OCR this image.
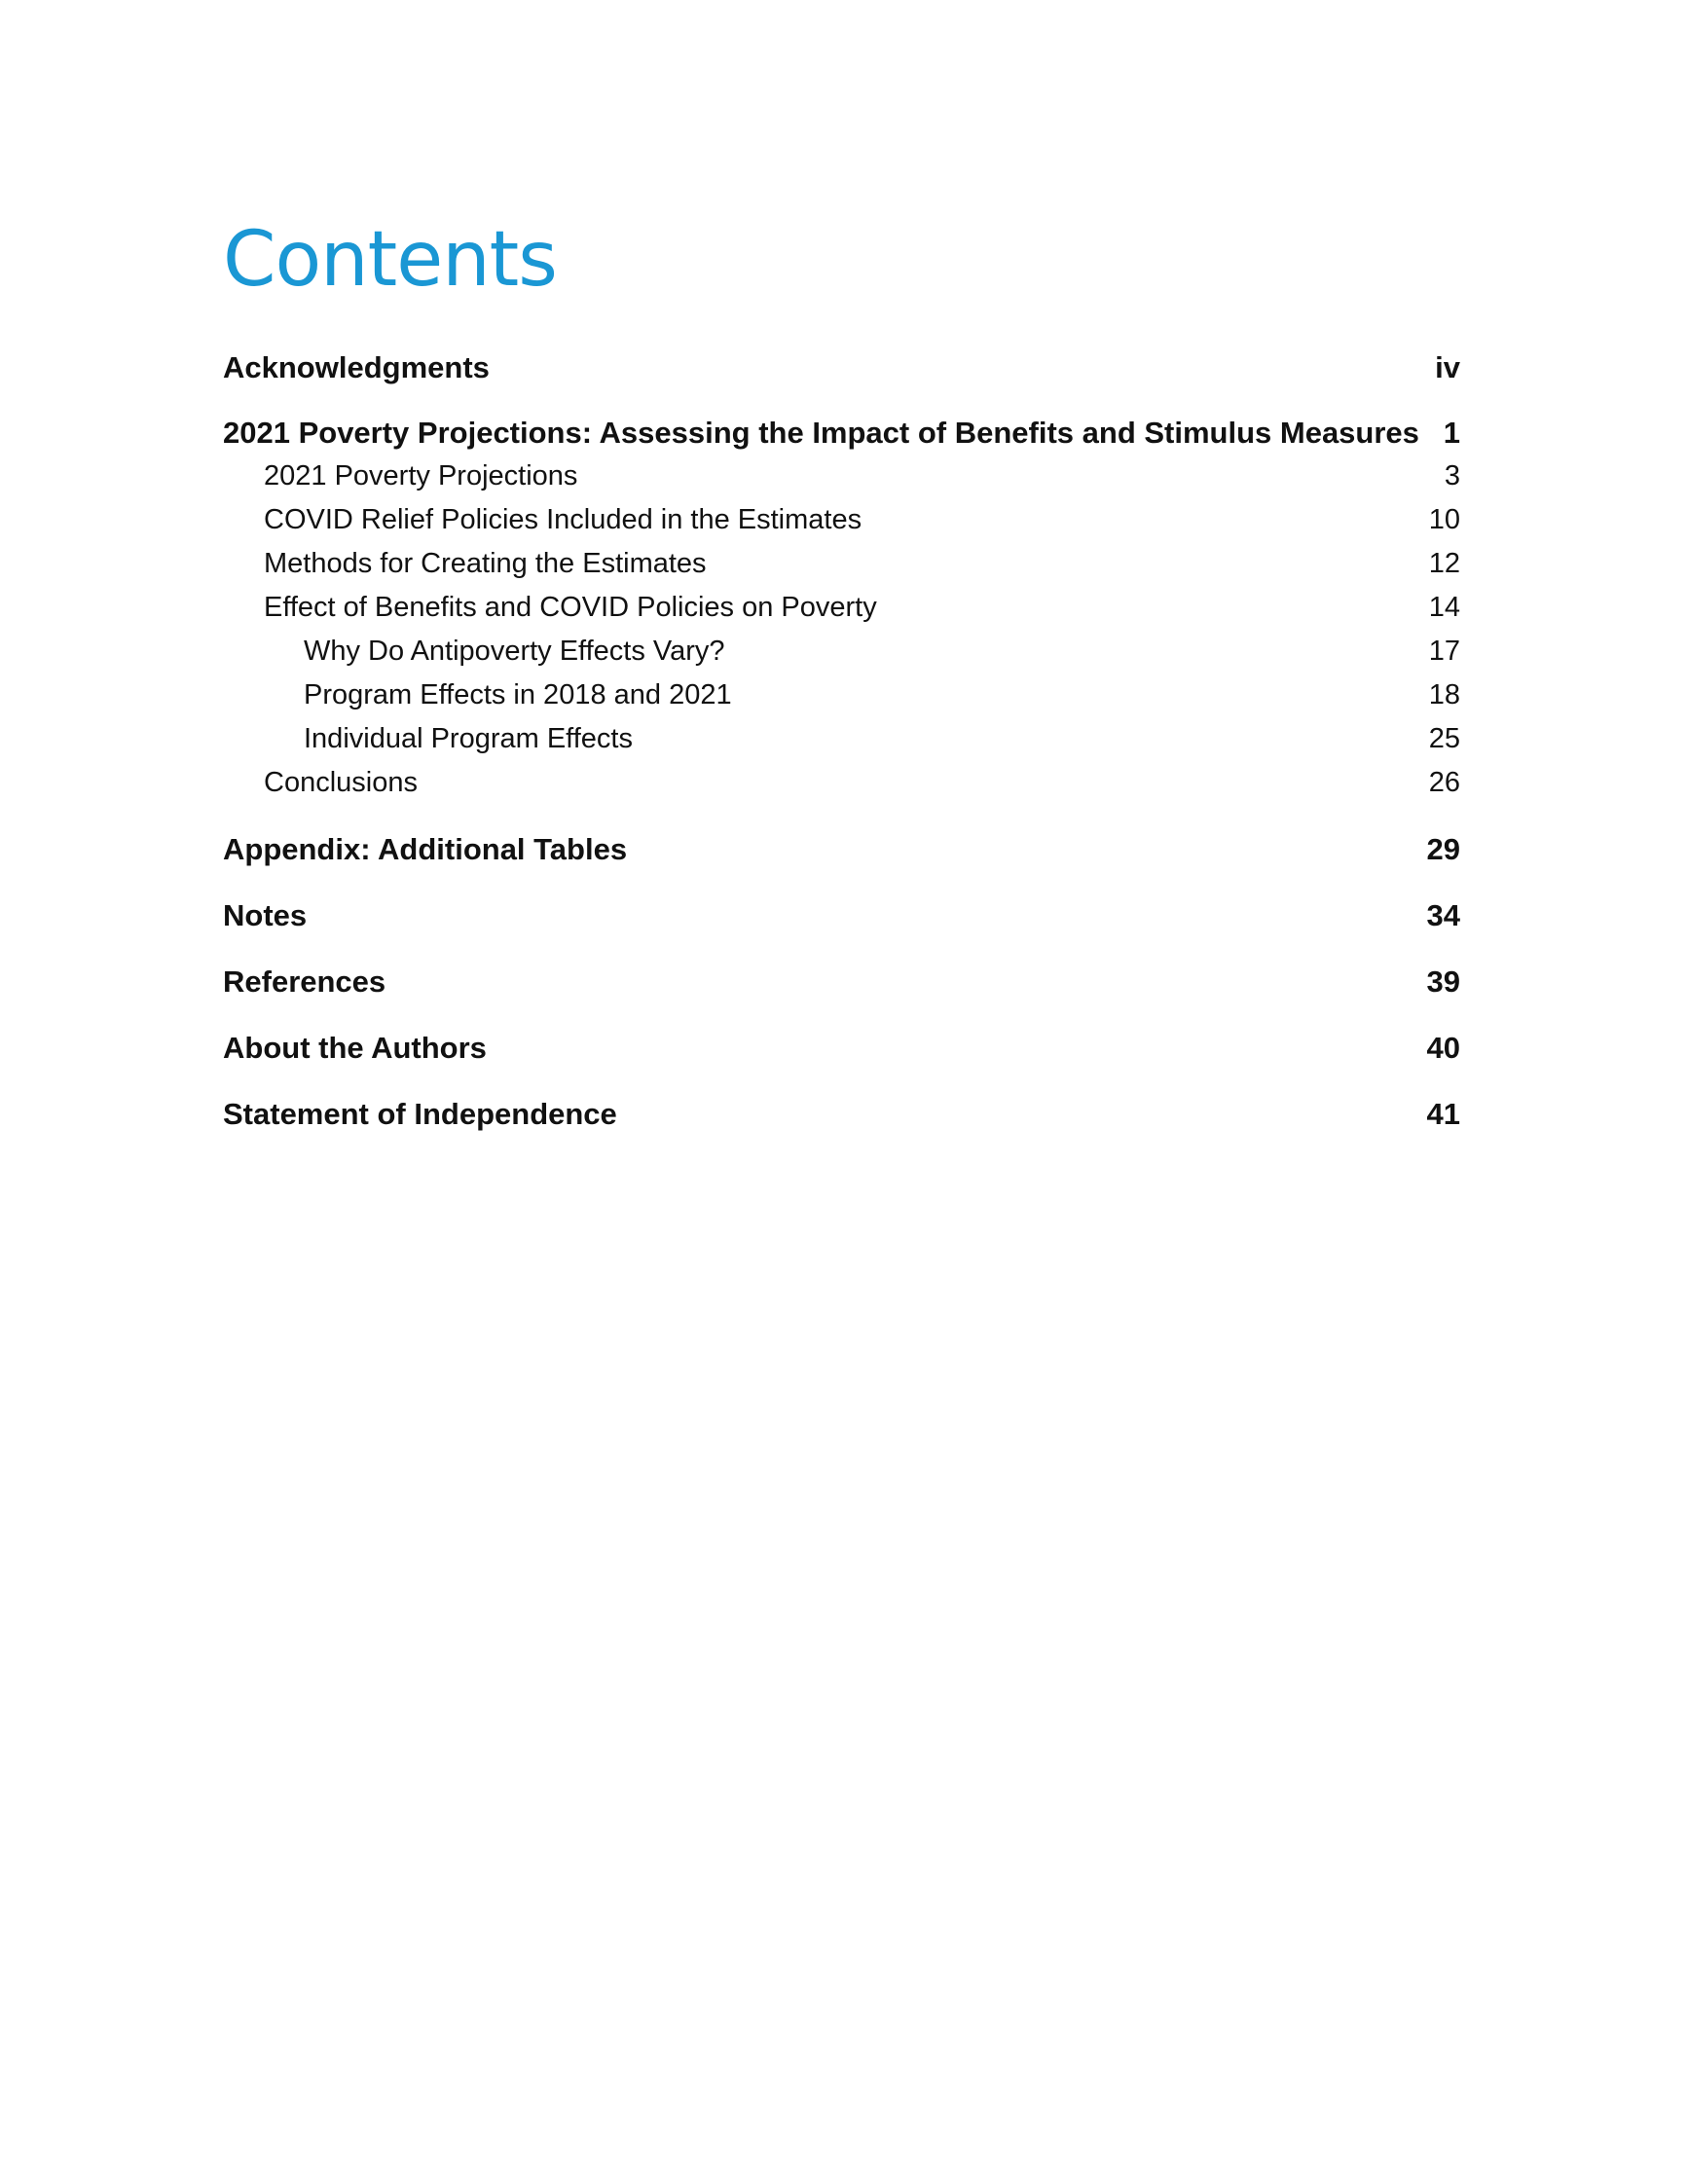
Contents
Acknowledgments	iv
2021 Poverty Projections: Assessing the Impact of Benefits and Stimulus Measures 1
2021 Poverty Projections	3
COVID Relief Policies Included in the Estimates	10
Methods for Creating the Estimates	12
Effect of Benefits and COVID Policies on Poverty	14
Why Do Antipoverty Effects Vary?	17
Program Effects in 2018 and 2021	18
Individual Program Effects	25
Conclusions	26
Appendix: Additional Tables	29
Notes	34
References	39
About the Authors	40
Statement of Independence	41
